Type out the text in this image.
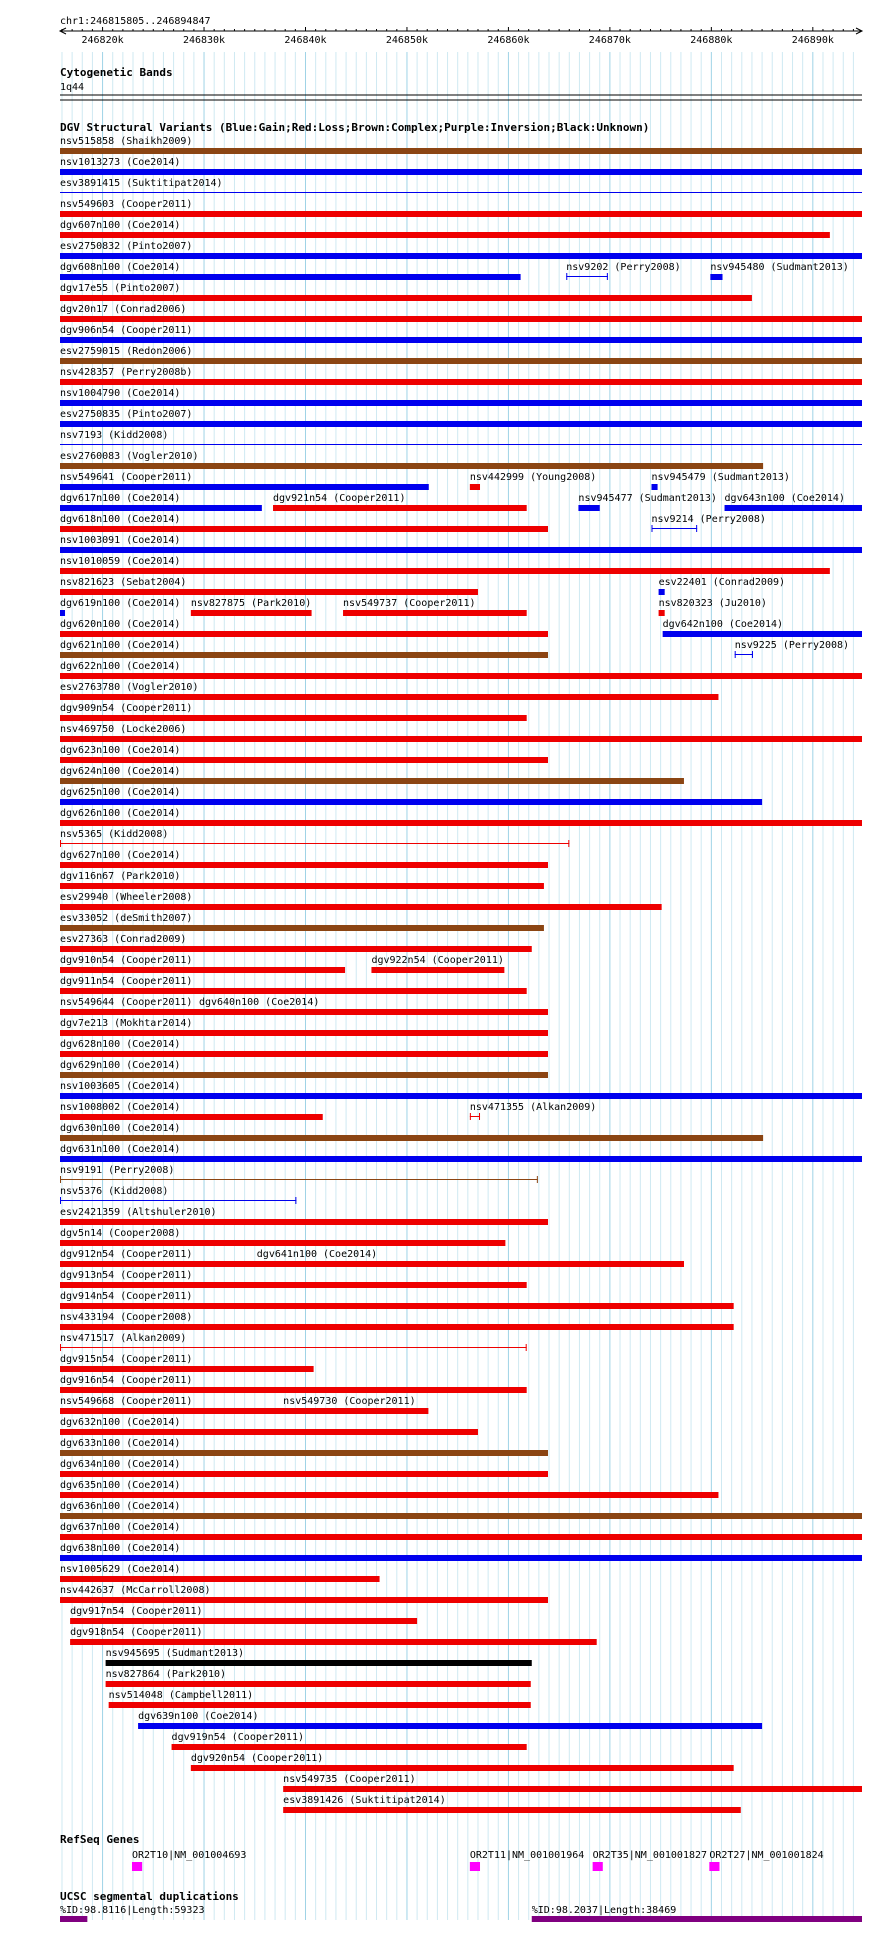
chr1:246815805..246894847
246820k	246830k	246840k	246850k	246860k	246870k	246880k	246890k
Cytogenetic Bands
1q44
DGV Structural Variants (Blue:Gain;Red:Loss;Brown:Complex;Purple:Inversion;Black:Unknown)
nsv515858 (Shaikh2009)
nsv1013273 (Coe2014)
esv3891415 (Suktitipat2014)
nsv549603 (Cooper2011)
dgv607n100 (Coe2014)
esv2750832 (Pinto2007)
dgv608n100 (Coe2014)	nsv9202 (Perry2008)	nsv945480 (Sudmant2013)
dgv17e55 (Pinto2007)
dgv20n17 (Conrad2006)
dgv906n54 (Cooper2011)
esv2759015 (Redon2006)
nsv428357 (Perry2008b)
nsv1004790 (Coe2014)
esv2750835 (Pinto2007)
nsv7193 (Kidd2008)
esv2760083 (Vogler2010)
nsv549641 (Cooper2011)	nsv442999 (Young2008)	nsv945479 (Sudmant2013)
dgv617n100 (Coe2014)	dgv921n54 (Cooper2011)	nsv945477 (Sudmant2013) dgv643n100 (Coe2014)
dgv618n100 (Coe2014)	nsv9214 (Perry2008)
nsv1003091 (Coe2014)
nsv1010059 (Coe2014)
nsv821623 (Sebat2004)	esv22401 (Conrad2009)
dgv619n100 (Coe2014) nsv827875 (Park2010)	nsv549737 (Cooper2011)	nsv820323 (Ju2010)
dgv620n100 (Coe2014)	dgv642n100 (Coe2014)
dgv621n100 (Coe2014)	nsv9225 (Perry2008)
dgv622n100 (Coe2014)
esv2763780 (Vogler2010)
dgv909n54 (Cooper2011)
nsv469750 (Locke2006)
dgv623n100 (Coe2014)
dgv624n100 (Coe2014)
dgv625n100 (Coe2014)
dgv626n100 (Coe2014)
nsv5365 (Kidd2008)
dgv627n100 (Coe2014)
dgv116n67 (Park2010)
esv29940 (Wheeler2008)
esv33052 (deSmith2007)
esv27363 (Conrad2009)
dgv910n54 (Cooper2011)	dgv922n54 (Cooper2011)
dgv911n54 (Cooper2011)
nsv549644 (Cooper2011) dgv640n100 (Coe2014)
dgv7e213 (Mokhtar2014)
dgv628n100 (Coe2014)
dgv629n100 (Coe2014)
nsv1003605 (Coe2014)
nsv1008002 (Coe2014)	nsv471355 (Alkan2009)
dgv630n100 (Coe2014)
dgv631n100 (Coe2014)
nsv9191 (Perry2008)
nsv5376 (Kidd2008)
esv2421359 (Altshuler2010)
dgv5n14 (Cooper2008)
dgv912n54 (Cooper2011)	dgv641n100 (Coe2014)
dgv913n54 (Cooper2011)
dgv914n54 (Cooper2011)
nsv433194 (Cooper2008)
nsv471517 (Alkan2009)
dgv915n54 (Cooper2011)
dgv916n54 (Cooper2011)
nsv549668 (Cooper2011)	nsv549730 (Cooper2011)
dgv632n100 (Coe2014)
dgv633n100 (Coe2014)
dgv634n100 (Coe2014)
dgv635n100 (Coe2014)
dgv636n100 (Coe2014)
dgv637n100 (Coe2014)
dgv638n100 (Coe2014)
nsv1005629 (Coe2014)
nsv442637 (McCarroll2008)
dgv917n54 (Cooper2011)
dgv918n54 (Cooper2011)
nsv945695 (Sudmant2013)
nsv827864 (Park2010)
nsv514048 (Campbell2011)
dgv639n100 (Coe2014)
dgv919n54 (Cooper2011)
dgv920n54 (Cooper2011)
nsv549735 (Cooper2011)
esv3891426 (Suktitipat2014)
RefSeq Genes
OR2T10|NM_001004693	OR2T11|NM_001001964 OR2T35|NM_001001827 OR2T27|NM_001001824
UCSC segmental duplications
%ID:98.8116|Length:59323	%ID:98.2037|Length:38469
